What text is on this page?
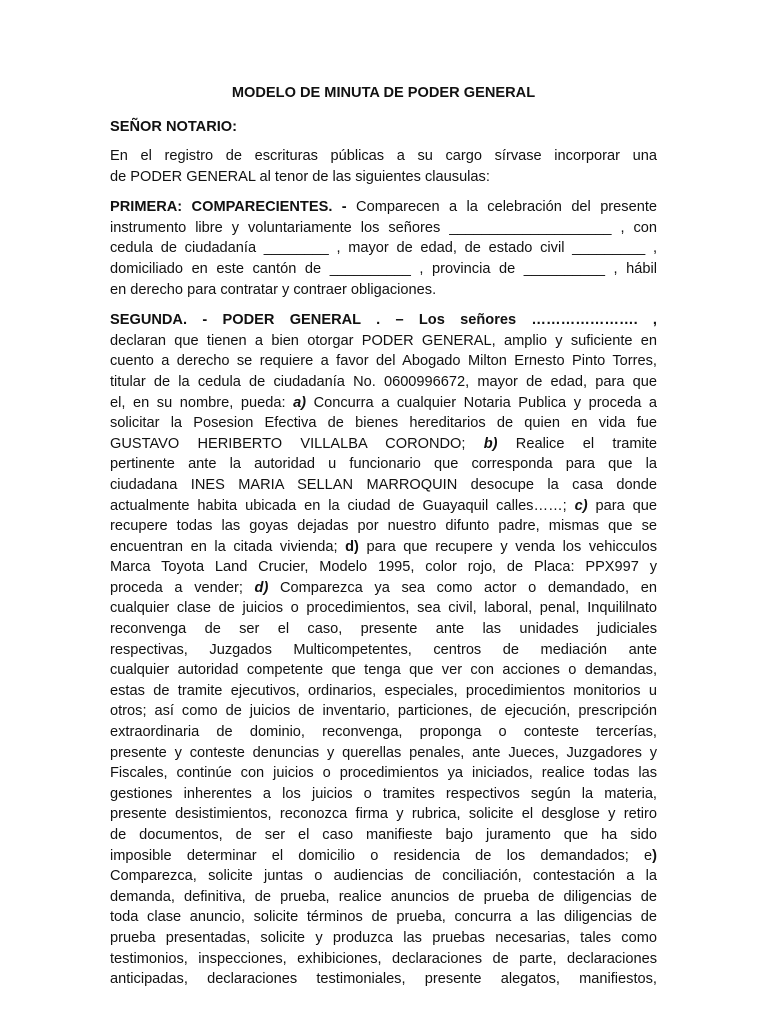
MODELO DE MINUTA DE PODER GENERAL
SEÑOR NOTARIO:
En el registro de escrituras públicas a su cargo sírvase incorporar una
de PODER GENERAL al tenor de las siguientes clausulas:
PRIMERA: COMPARECIENTES. - Comparecen a la celebración del presente
instrumento libre y voluntariamente los señores ____________________ , con
cedula de ciudadanía ________ , mayor de edad, de estado civil _________ ,
domiciliado en este cantón de __________ , provincia de __________ , hábil
en derecho para contratar y contraer obligaciones.
SEGUNDA. - PODER GENERAL . – Los señores …………………. ,
declaran que tienen a bien otorgar PODER GENERAL, amplio y suficiente en
cuento a derecho se requiere a favor del Abogado Milton Ernesto Pinto Torres,
titular de la cedula de ciudadanía No. 0600996672, mayor de edad, para que
el, en su nombre, pueda: a) Concurra a cualquier Notaria Publica y proceda a
solicitar la Posesion Efectiva de bienes hereditarios de quien en vida fue
GUSTAVO HERIBERTO VILLALBA CORONDO; b) Realice el tramite
pertinente ante la autoridad u funcionario que corresponda para que la
ciudadana INES MARIA SELLAN MARROQUIN desocupe la casa donde
actualmente habita ubicada en la ciudad de Guayaquil calles……; c) para que
recupere todas las goyas dejadas por nuestro difunto padre, mismas que se
encuentran en la citada vivienda; d) para que recupere y venda los vehicculos
Marca Toyota Land Crucier, Modelo 1995, color rojo, de Placa: PPX997 y
proceda a vender; d) Comparezca ya sea como actor o demandado, en
cualquier clase de juicios o procedimientos, sea civil, laboral, penal, Inquililnato
reconvenga de ser el caso, presente ante las unidades judiciales
respectivas, Juzgados Multicompetentes, centros de mediación ante
cualquier autoridad competente que tenga que ver con acciones o demandas,
estas de tramite ejecutivos, ordinarios, especiales, procedimientos monitorios u
otros; así como de juicios de inventario, particiones, de ejecución, prescripción
extraordinaria de dominio, reconvenga, proponga o conteste tercerías,
presente y conteste denuncias y querellas penales, ante Jueces, Juzgadores y
Fiscales, continúe con juicios o procedimientos ya iniciados, realice todas las
gestiones inherentes a los juicios o tramites respectivos según la materia,
presente desistimientos, reconozca firma y rubrica, solicite el desglose y retiro
de documentos, de ser el caso manifieste bajo juramento que ha sido
imposible determinar el domicilio o residencia de los demandados; e)
Comparezca, solicite juntas o audiencias de conciliación, contestación a la
demanda, definitiva, de prueba, realice anuncios de prueba de diligencias de
toda clase anuncio, solicite términos de prueba, concurra a las diligencias de
prueba presentadas, solicite y produzca las pruebas necesarias, tales como
testimonios, inspecciones, exhibiciones, declaraciones de parte, declaraciones
anticipadas, declaraciones testimoniales, presente alegatos, manifiestos,
